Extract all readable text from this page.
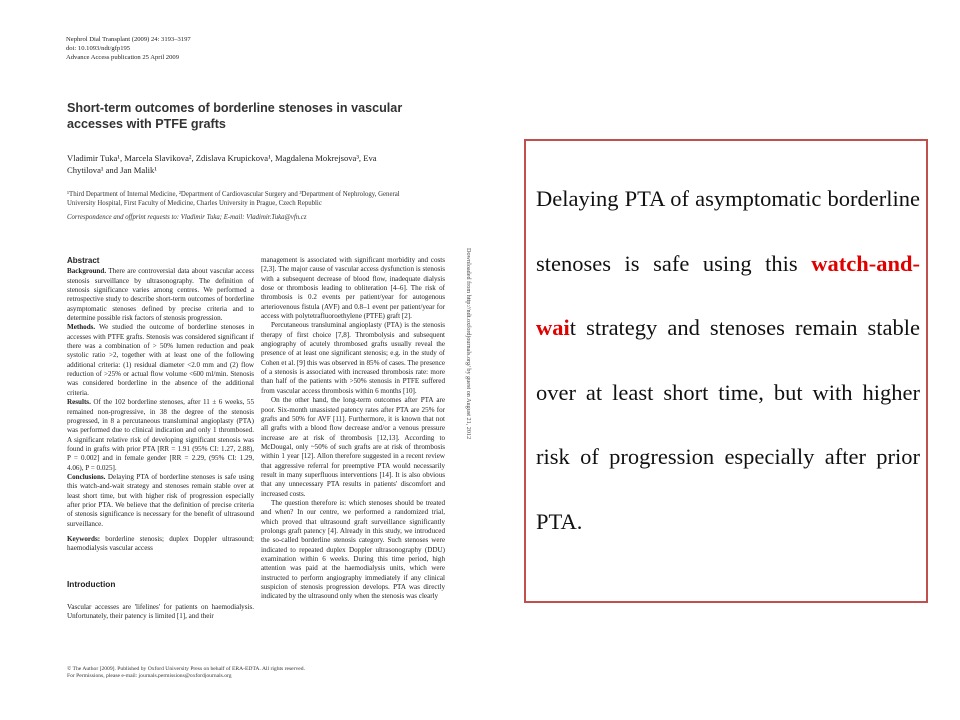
Nephrol Dial Transplant (2009) 24: 3193–3197
doi: 10.1093/ndt/gfp195
Advance Access publication 25 April 2009
Short-term outcomes of borderline stenoses in vascular accesses with PTFE grafts
Vladimir Tuka¹, Marcela Slavikova², Zdislava Krupickova¹, Magdalena Mokrejsova³, Eva Chytilova¹ and Jan Malik¹
¹Third Department of Internal Medicine, ²Department of Cardiovascular Surgery and ³Department of Nephrology, General University Hospital, First Faculty of Medicine, Charles University in Prague, Czech Republic
Correspondence and offprint requests to: Vladimir Tuka; E-mail: Vladimir.Tuka@vfn.cz

Abstract

Background. There are controversial data about vascular access stenosis surveillance by ultrasonography. The definition of stenosis significance varies among centres. We performed a retrospective study to describe short-term outcomes of borderline asymptomatic stenoses defined by precise criteria and to determine possible risk factors of stenosis progression.

Methods. We studied the outcome of borderline stenoses in accesses with PTFE grafts. Stenosis was considered significant if there was a combination of > 50% lumen reduction and peak systolic ratio >2, together with at least one of the following additional criteria: (1) residual diameter <2.0 mm and (2) flow reduction of >25% or actual flow volume <600 ml/min. Stenosis was considered borderline in the absence of the additional criteria.

Results. Of the 102 borderline stenoses, after 11 ± 6 weeks, 55 remained non-progressive, in 38 the degree of the stenosis progressed, in 8 a percutaneous transluminal angioplasty (PTA) was performed due to clinical indication and only 1 thrombosed. A significant relative risk of developing significant stenosis was found in grafts with prior PTA [RR = 1.91 (95% CI: 1.27, 2.88), P = 0.002] and in female gender [RR = 2.29, (95% CI: 1.29, 4.06), P = 0.025].

Conclusions. Delaying PTA of borderline stenoses is safe using this watch-and-wait strategy and stenoses remain stable over at least short time, but with higher risk of progression especially after prior PTA. We believe that the definition of precise criteria of stenosis significance is necessary for the benefit of ultrasound surveillance.

Keywords: borderline stenosis; duplex Doppler ultrasound; haemodialysis vascular access

Introduction

Vascular accesses are 'lifelines' for patients on haemodialysis. Unfortunately, their patency is limited [1], and their

management is associated with significant morbidity and costs [2,3]. The major cause of vascular access dysfunction is stenosis with a subsequent decrease of blood flow, inadequate dialysis dose or thrombosis leading to obliteration [4–6]. The risk of thrombosis is 0.2 events per patient/year for autogenous arteriovenous fistula (AVF) and 0.8–1 event per patient/year for access with polytetrafluoroethylene (PTFE) graft [2].

Percutaneous transluminal angioplasty (PTA) is the stenosis therapy of first choice [7,8]. Thrombolysis and subsequent angiography of acutely thrombosed grafts usually reveal the presence of at least one significant stenosis; e.g. in the study of Cohen et al. [9] this was observed in 85% of cases. The presence of a stenosis is associated with increased thrombosis rate: more than half of the patients with >50% stenosis in PTFE suffered from vascular access thrombosis within 6 months [10].

On the other hand, the long-term outcomes after PTA are poor. Six-month unassisted patency rates after PTA are 25% for grafts and 50% for AVF [11]. Furthermore, it is known that not all grafts with a blood flow decrease and/or a venous pressure increase are at risk of thrombosis [12,13]. According to McDougal, only ~50% of such grafts are at risk of thrombosis within 1 year [12]. Allon therefore suggested in a recent review that aggressive referral for preemptive PTA would necessarily result in many superfluous interventions [14]. It is also obvious that any unnecessary PTA results in patients' discomfort and increased costs.

The question therefore is: which stenoses should be treated and when? In our centre, we performed a randomized trial, which proved that ultrasound graft surveillance significantly prolongs graft patency [4]. Already in this study, we introduced the so-called borderline stenosis category. Such stenoses were indicated to repeated duplex Doppler ultrasonography (DDU) examination within 6 weeks. During this time period, high attention was paid at the haemodialysis units, which were instructed to perform angiography immediately if any clinical suspicion of stenosis progression develops. PTA was directly indicated by the ultrasound only when the stenosis was clearly

© The Author [2009]. Published by Oxford University Press on behalf of ERA-EDTA. All rights reserved.
For Permissions, please e-mail: journals.permissions@oxfordjournals.org
Downloaded from http://ndt.oxfordjournals.org/ by guest on August 21, 2012

Delaying PTA of asymptomatic borderline stenoses is safe using this watch-and-wait strategy and stenoses remain stable over at least short time, but with higher risk of progression especially after prior PTA.
